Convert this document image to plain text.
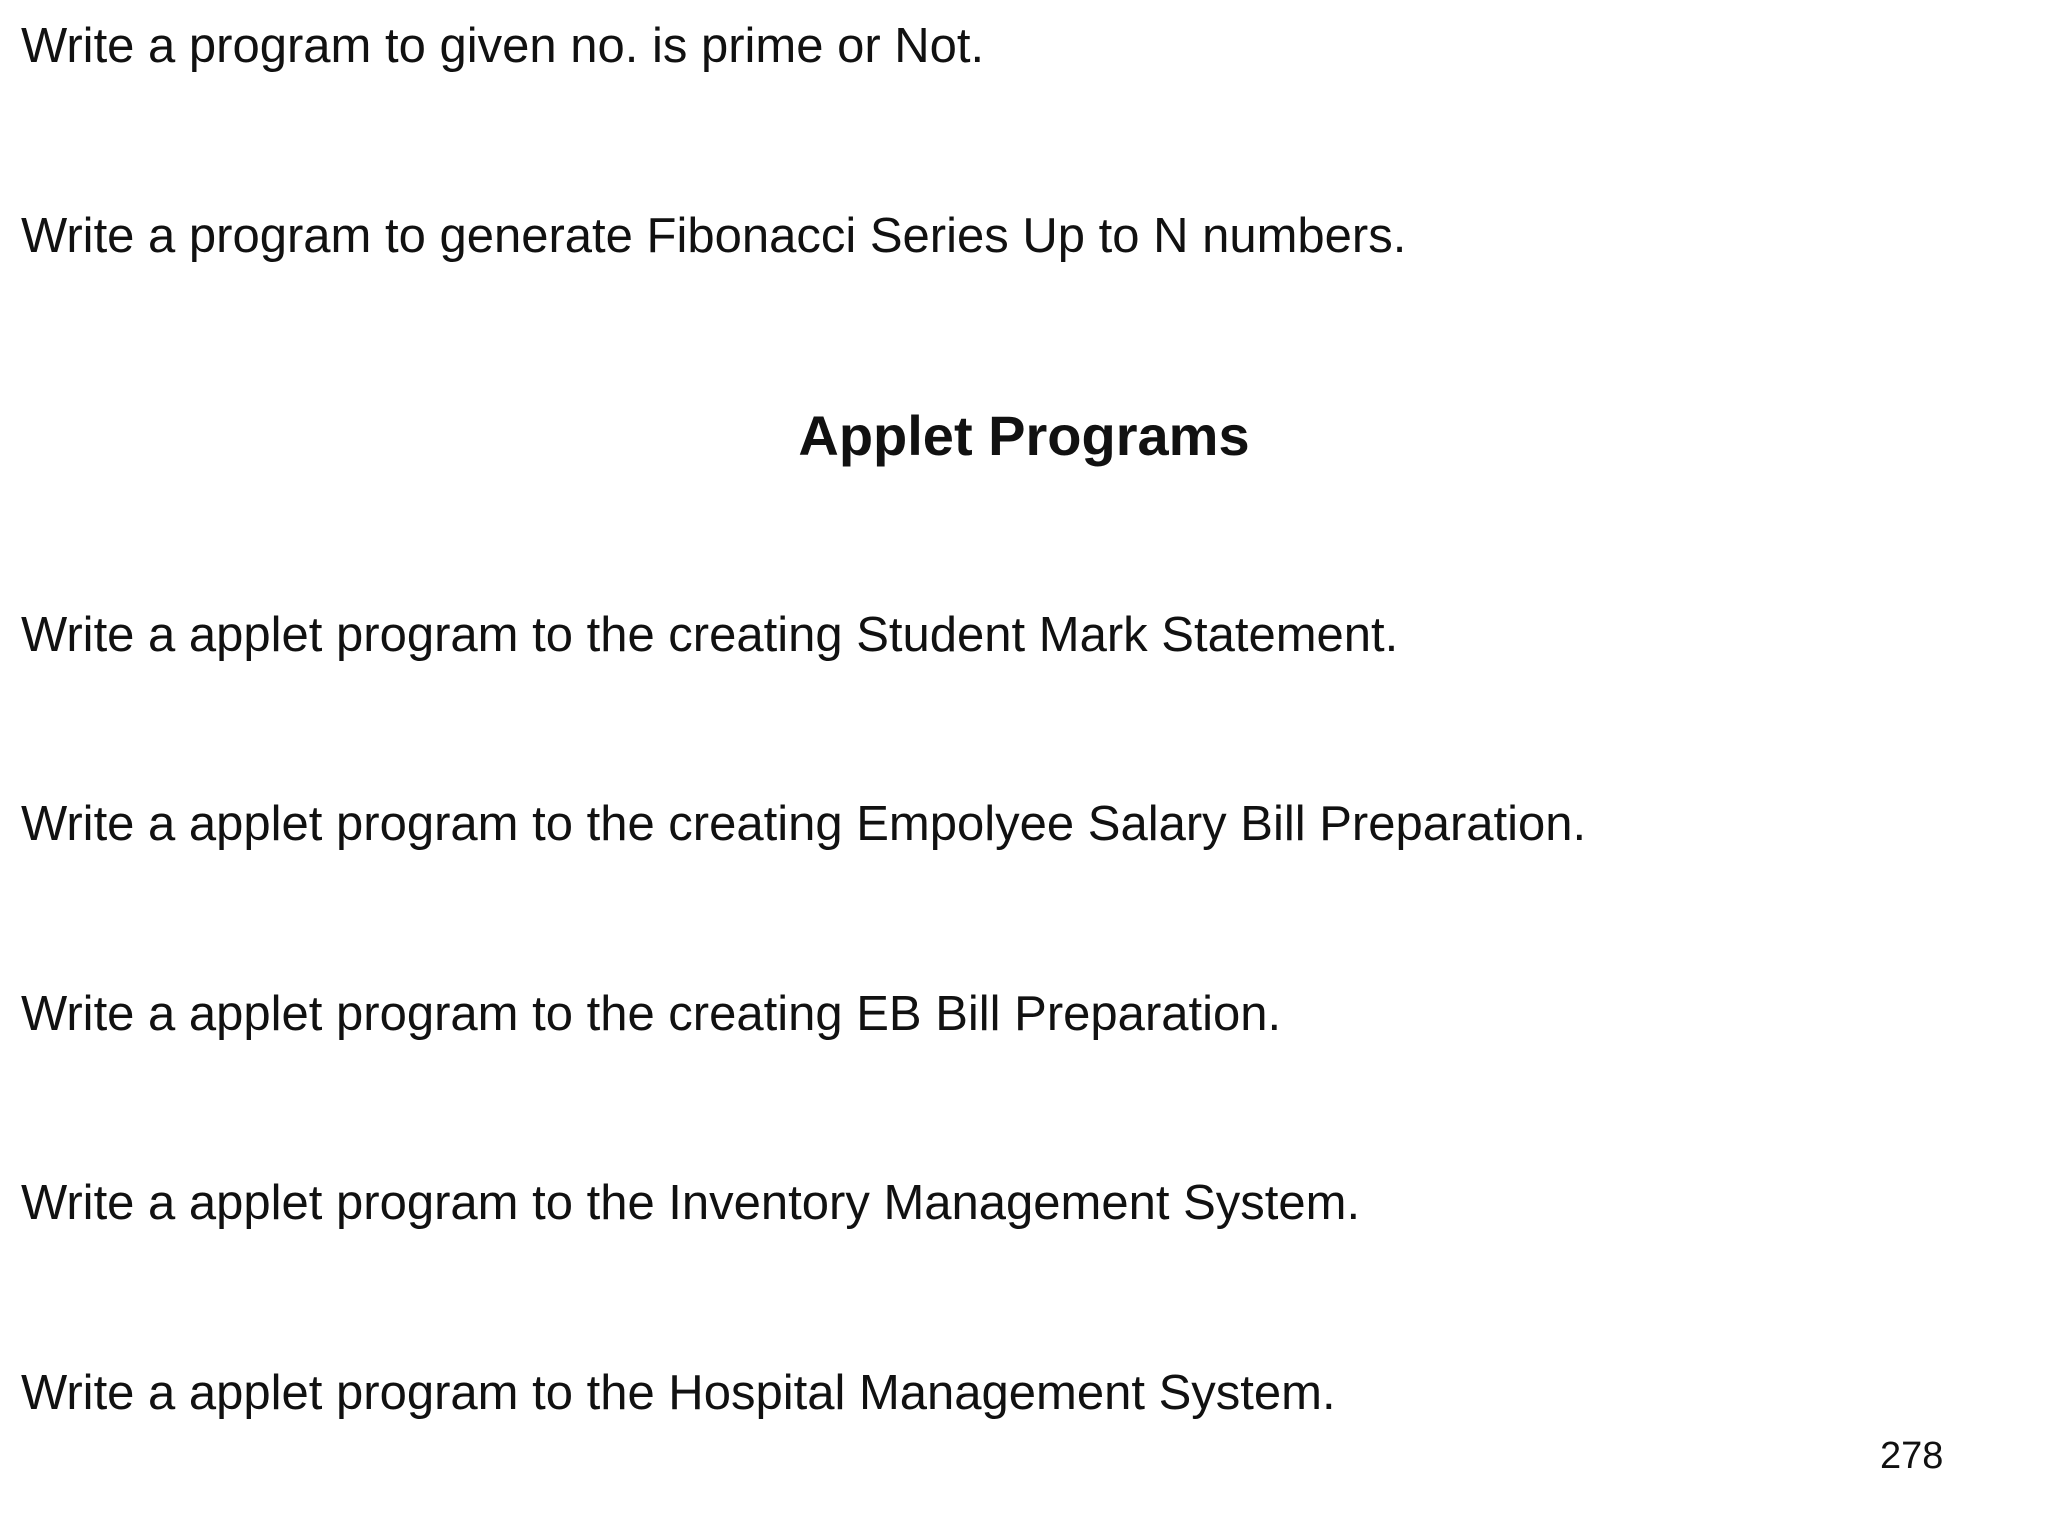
Write a program to given no. is prime or Not.

Write a program to generate Fibonacci Series Up to N numbers.

Applet Programs

Write a applet program to the creating Student Mark Statement.

Write a applet program to the creating Empolyee Salary Bill Preparation.

Write a applet program to the creating EB Bill Preparation.

Write a applet program to the Inventory Management System.

Write a applet program to the Hospital Management System.

278
